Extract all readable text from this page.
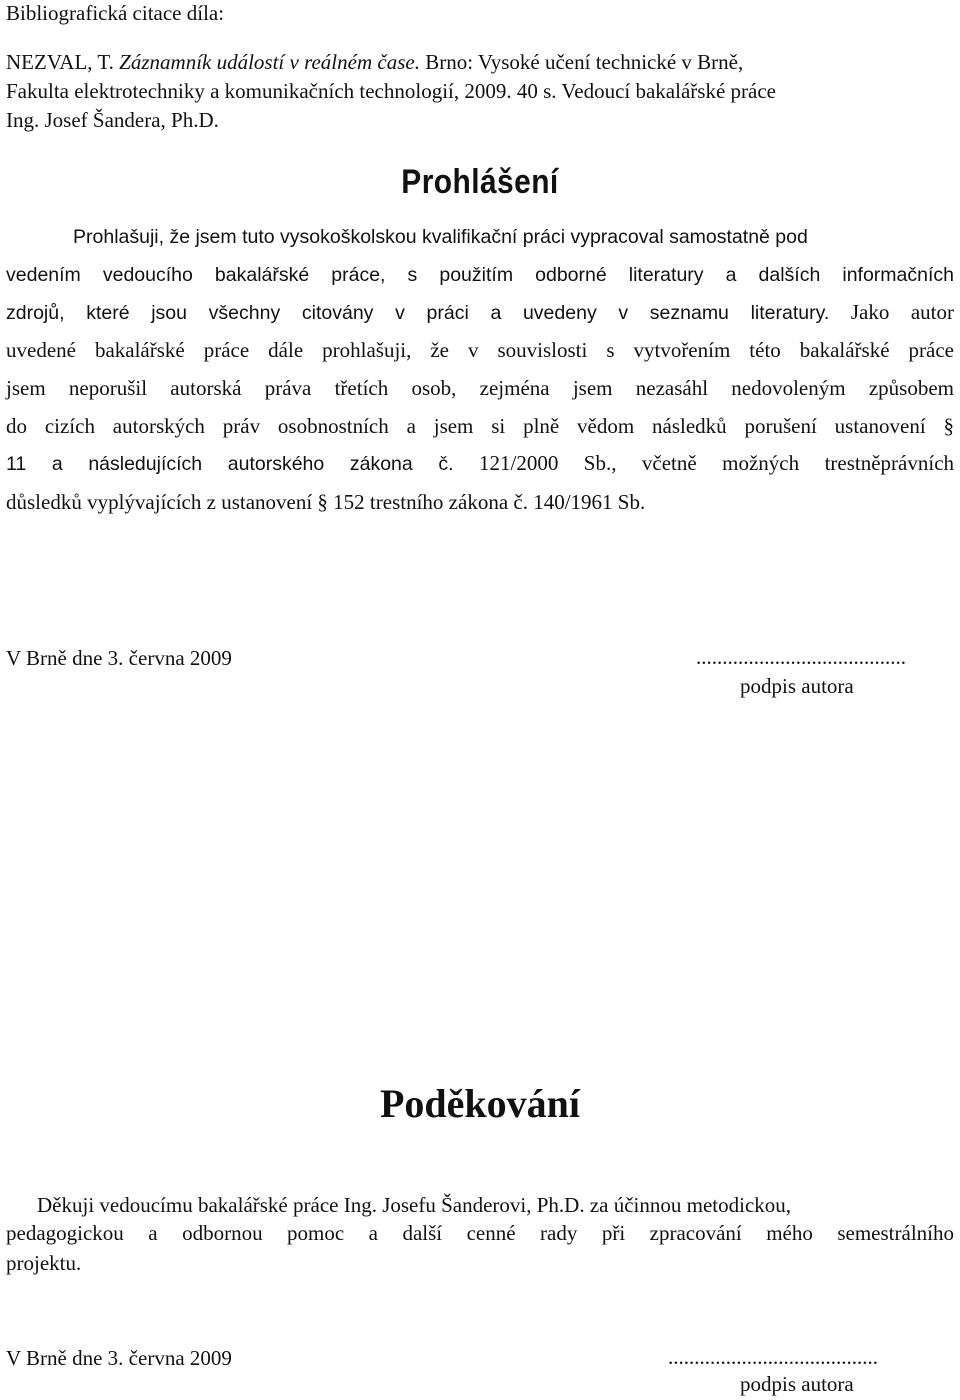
Bibliografická citace díla:
NEZVAL, T. Záznamník událostí v reálném čase. Brno: Vysoké učení technické v Brně,
Fakulta elektrotechniky a komunikačních technologií, 2009. 40 s. Vedoucí bakalářské práce
Ing. Josef Šandera, Ph.D.
Prohlášení
Prohlašuji, že jsem tuto vysokoškolskou kvalifikační práci vypracoval samostatně pod
vedením vedoucího bakalářské práce, s použitím odborné literatury a dalších informačních
zdrojů, které jsou všechny citovány v práci a uvedeny v seznamu literatury. Jako autor
uvedené bakalářské práce dále prohlašuji, že v souvislosti s vytvořením této bakalářské práce
jsem neporušil autorská práva třetích osob, zejména jsem nezasáhl nedovoleným způsobem
do cizích autorských práv osobnostních a jsem si plně vědom následků porušení ustanovení §
11 a následujících autorského zákona č. 121/2000 Sb., včetně možných trestněprávních
důsledků vyplývajících z ustanovení § 152 trestního zákona č. 140/1961 Sb.
V Brně dne 3. června 2009	........................................
podpis autora
Poděkování
Děkuji vedoucímu bakalářské práce Ing. Josefu Šanderovi, Ph.D. za účinnou metodickou,
pedagogickou a odbornou pomoc a další cenné rady při zpracování mého semestrálního
projektu.
V Brně dne 3. června 2009	........................................
podpis autora
